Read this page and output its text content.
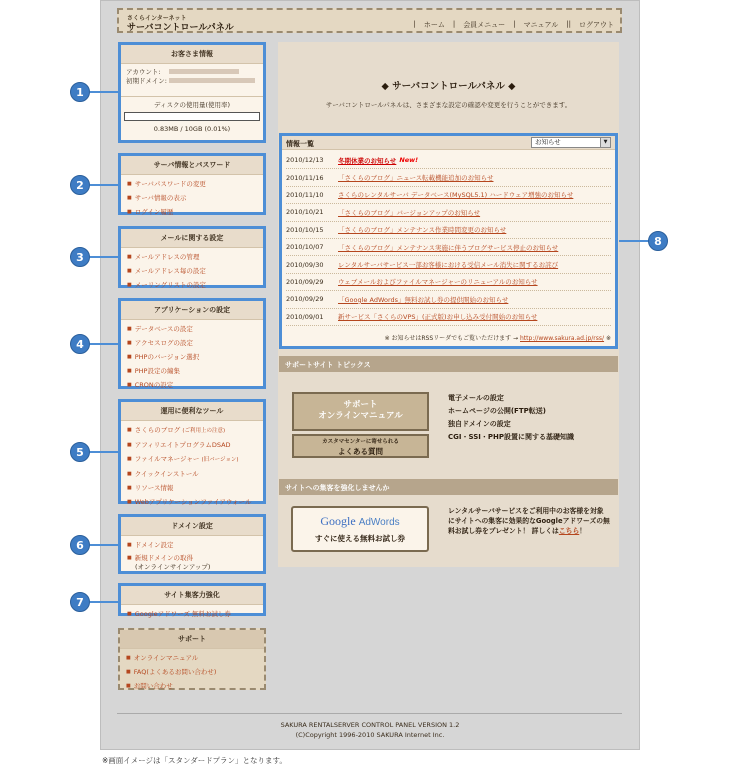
さくらインターネット
サーバコントロールパネル	| ホーム | 会員メニュー | マニュアル || ログアウト
お客さま情報
アカウント:
初期ドメイン:
ディスクの使用量(使用率)
0.83MB / 10GB (0.01%)
サーバ情報とパスワード
■ サーバパスワードの変更
■ サーバ情報の表示
■ ログイン履歴
メールに関する設定
■ メールアドレスの管理
■ メールアドレス毎の設定
■ メーリングリストの設定
アプリケーションの設定
■ データベースの設定
■ アクセスログの設定
■ PHPのバージョン選択
■ PHP設定の編集
■ CRONの設定
運用に便利なツール
■ さくらのブログ (ご利用上の注意)
■ アフィリエイトプログラムDSAD
■ ファイルマネージャー (旧バージョン)
■ クイックインストール
■ リソース情報
■ Webアプリケーションファイアウォール
ドメイン設定
■ ドメイン設定
■ 新規ドメインの取得
(オンラインサインアップ)
サイト集客力強化
■ Googleアドワーズ 無料お試し券
サポート
■ オンラインマニュアル
■ FAQ(よくあるお問い合わせ)
■ お問い合わせ
1
2
3
4
5
6
7
8
◆ サーバコントロールパネル ◆
サーバコントロールパネルは、さまざまな設定の確認や変更を行うことができます。
情報一覧	お知らせ	▼
2010/12/13	冬期休業のお知らせ New!
2010/11/16	「さくらのブログ」ニュース転載機能追加のお知らせ
2010/11/10	さくらのレンタルサーバ データベース(MySQL5.1) ハードウェア増強のお知らせ
2010/10/21	「さくらのブログ」バージョンアップのお知らせ
2010/10/15	「さくらのブログ」メンテナンス作業時間変更のお知らせ
2010/10/07	「さくらのブログ」メンテナンス実施に伴うブログサービス停止のお知らせ
2010/09/30	レンタルサーバサービス一部お客様における受信メール消失に関するお詫び
2010/09/29	ウェブメールおよびファイルマネージャーのリニューアルのお知らせ
2010/09/29	「Google AdWords」無料お試し券の提供開始のお知らせ
2010/09/01	新サービス「さくらのVPS」(正式版)お申し込み受付開始のお知らせ
※ お知らせはRSSリーダでもご覧いただけます → http://www.sakura.ad.jp/rss/ ※
サポートサイト トピックス
サポート
オンラインマニュアル
カスタマセンターに寄せられる
よくある質問
電子メールの設定
ホームページの公開(FTP転送)
独自ドメインの設定
CGI・SSI・PHP設置に関する基礎知識
サイトへの集客を強化しませんか
Google AdWords
すぐに使える無料お試し券
レンタルサーバサービスをご利用中のお客様を対象にサイトへの集客に効果的なGoogleアドワーズの無料お試し券をプレゼント！ 詳しくはこちら！
SAKURA RENTALSERVER CONTROL PANEL VERSION 1.2
(C)Copyright 1996-2010 SAKURA Internet Inc.
※画面イメージは「スタンダードプラン」となります。
